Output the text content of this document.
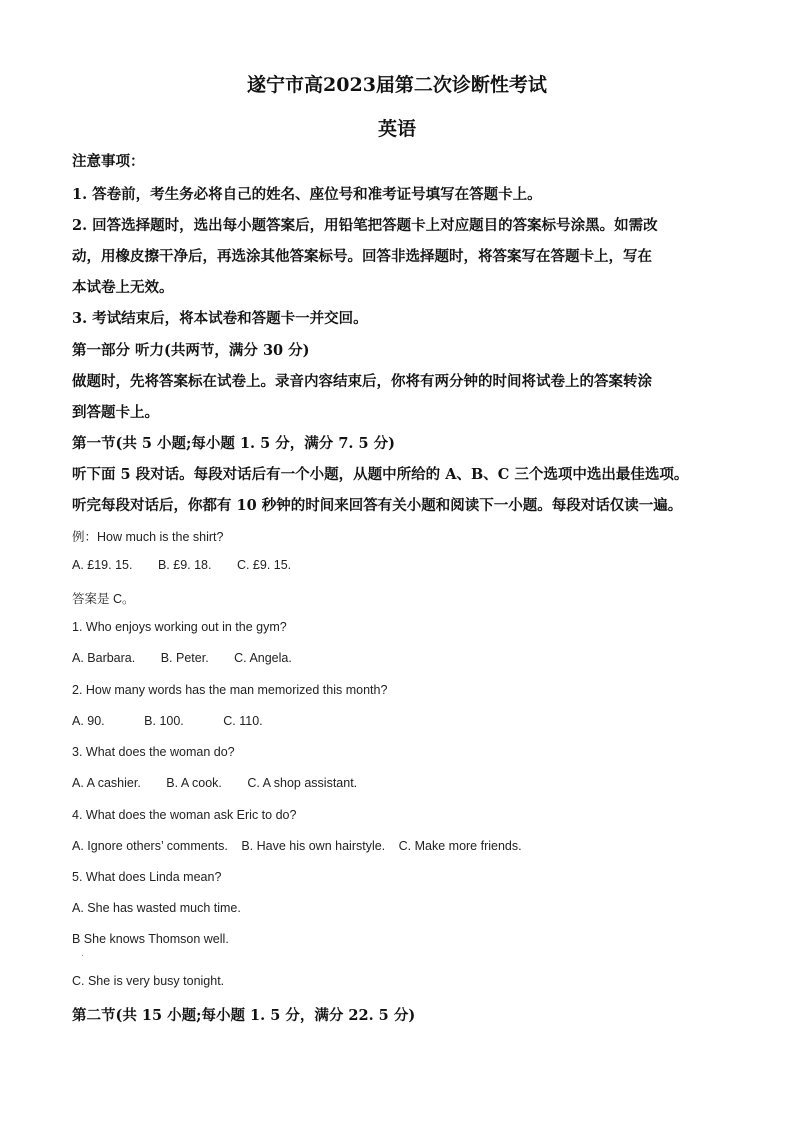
遂宁市高2023届第二次诊断性考试
英语
注意事项：
1. 答卷前，考生务必将自己的姓名、座位号和准考证号填写在答题卡上。
2. 回答选择题时，选出每小题答案后，用铅笔把答题卡上对应题目的答案标号涂黑。如需改
动，用橡皮擦干净后，再选涂其他答案标号。回答非选择题时，将答案写在答题卡上，写在
本试卷上无效。
3. 考试结束后，将本试卷和答题卡一并交回。
第一部分 听力(共两节，满分 30 分)
做题时，先将答案标在试卷上。录音内容结束后，你将有两分钟的时间将试卷上的答案转涂
到答题卡上。
第一节(共 5 小题;每小题 1. 5 分，满分 7. 5 分)
听下面 5 段对话。每段对话后有一个小题，从题中所给的 A、B、C 三个选项中选出最佳选项。
听完每段对话后，你都有 10 秒钟的时间来回答有关小题和阅读下一小题。每段对话仅读一遍。
例：How much is the shirt?
A. £19. 15. B. £9. 18. C. £9. 15.
答案是 C。
1. Who enjoys working out in the gym?
A. Barbara. B. Peter. C. Angela.
2. How many words has the man memorized this month?
A. 90.	B. 100.	C. 110.
3. What does the woman do?
A. A cashier. B. A cook. C. A shop assistant.
4. What does the woman ask Eric to do?
A. Ignore others’ comments. B. Have his own hairstyle. C. Make more friends.
5. What does Linda mean?
A. She has wasted much time.
B She knows Thomson well.
C. She is very busy tonight.
第二节(共 15 小题;每小题 1. 5 分，满分 22. 5 分)
